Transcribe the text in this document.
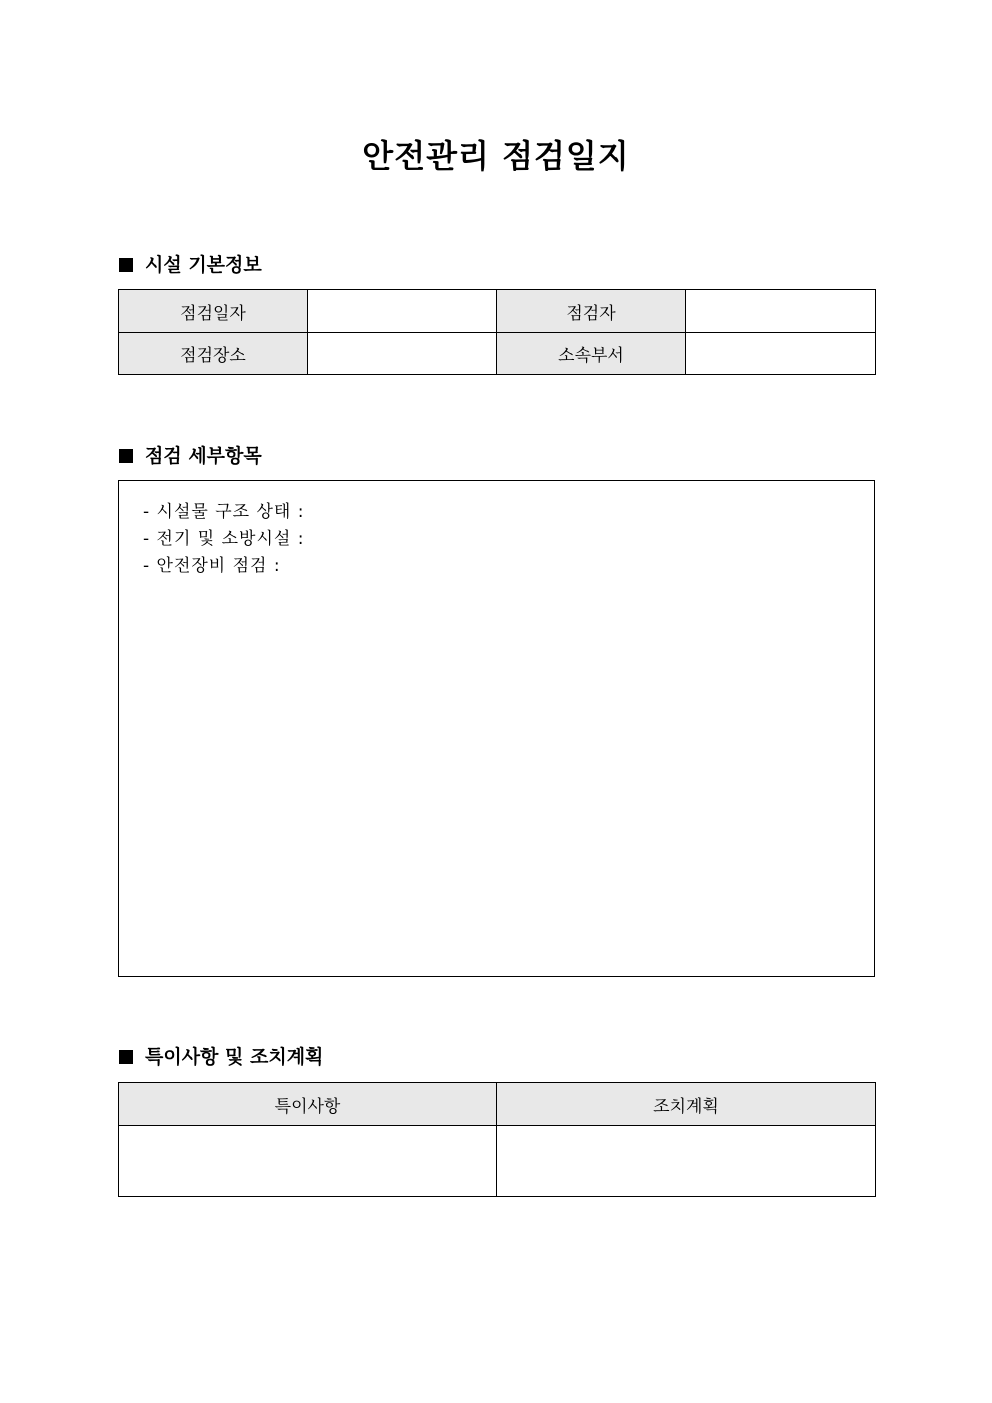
안전관리 점검일지
시설 기본정보
점검일자		점검자	
점검장소		소속부서	
점검 세부항목
- 시설물 구조 상태 :
- 전기 및 소방시설 :
- 안전장비 점검 :
특이사항 및 조치계획
특이사항	조치계획
